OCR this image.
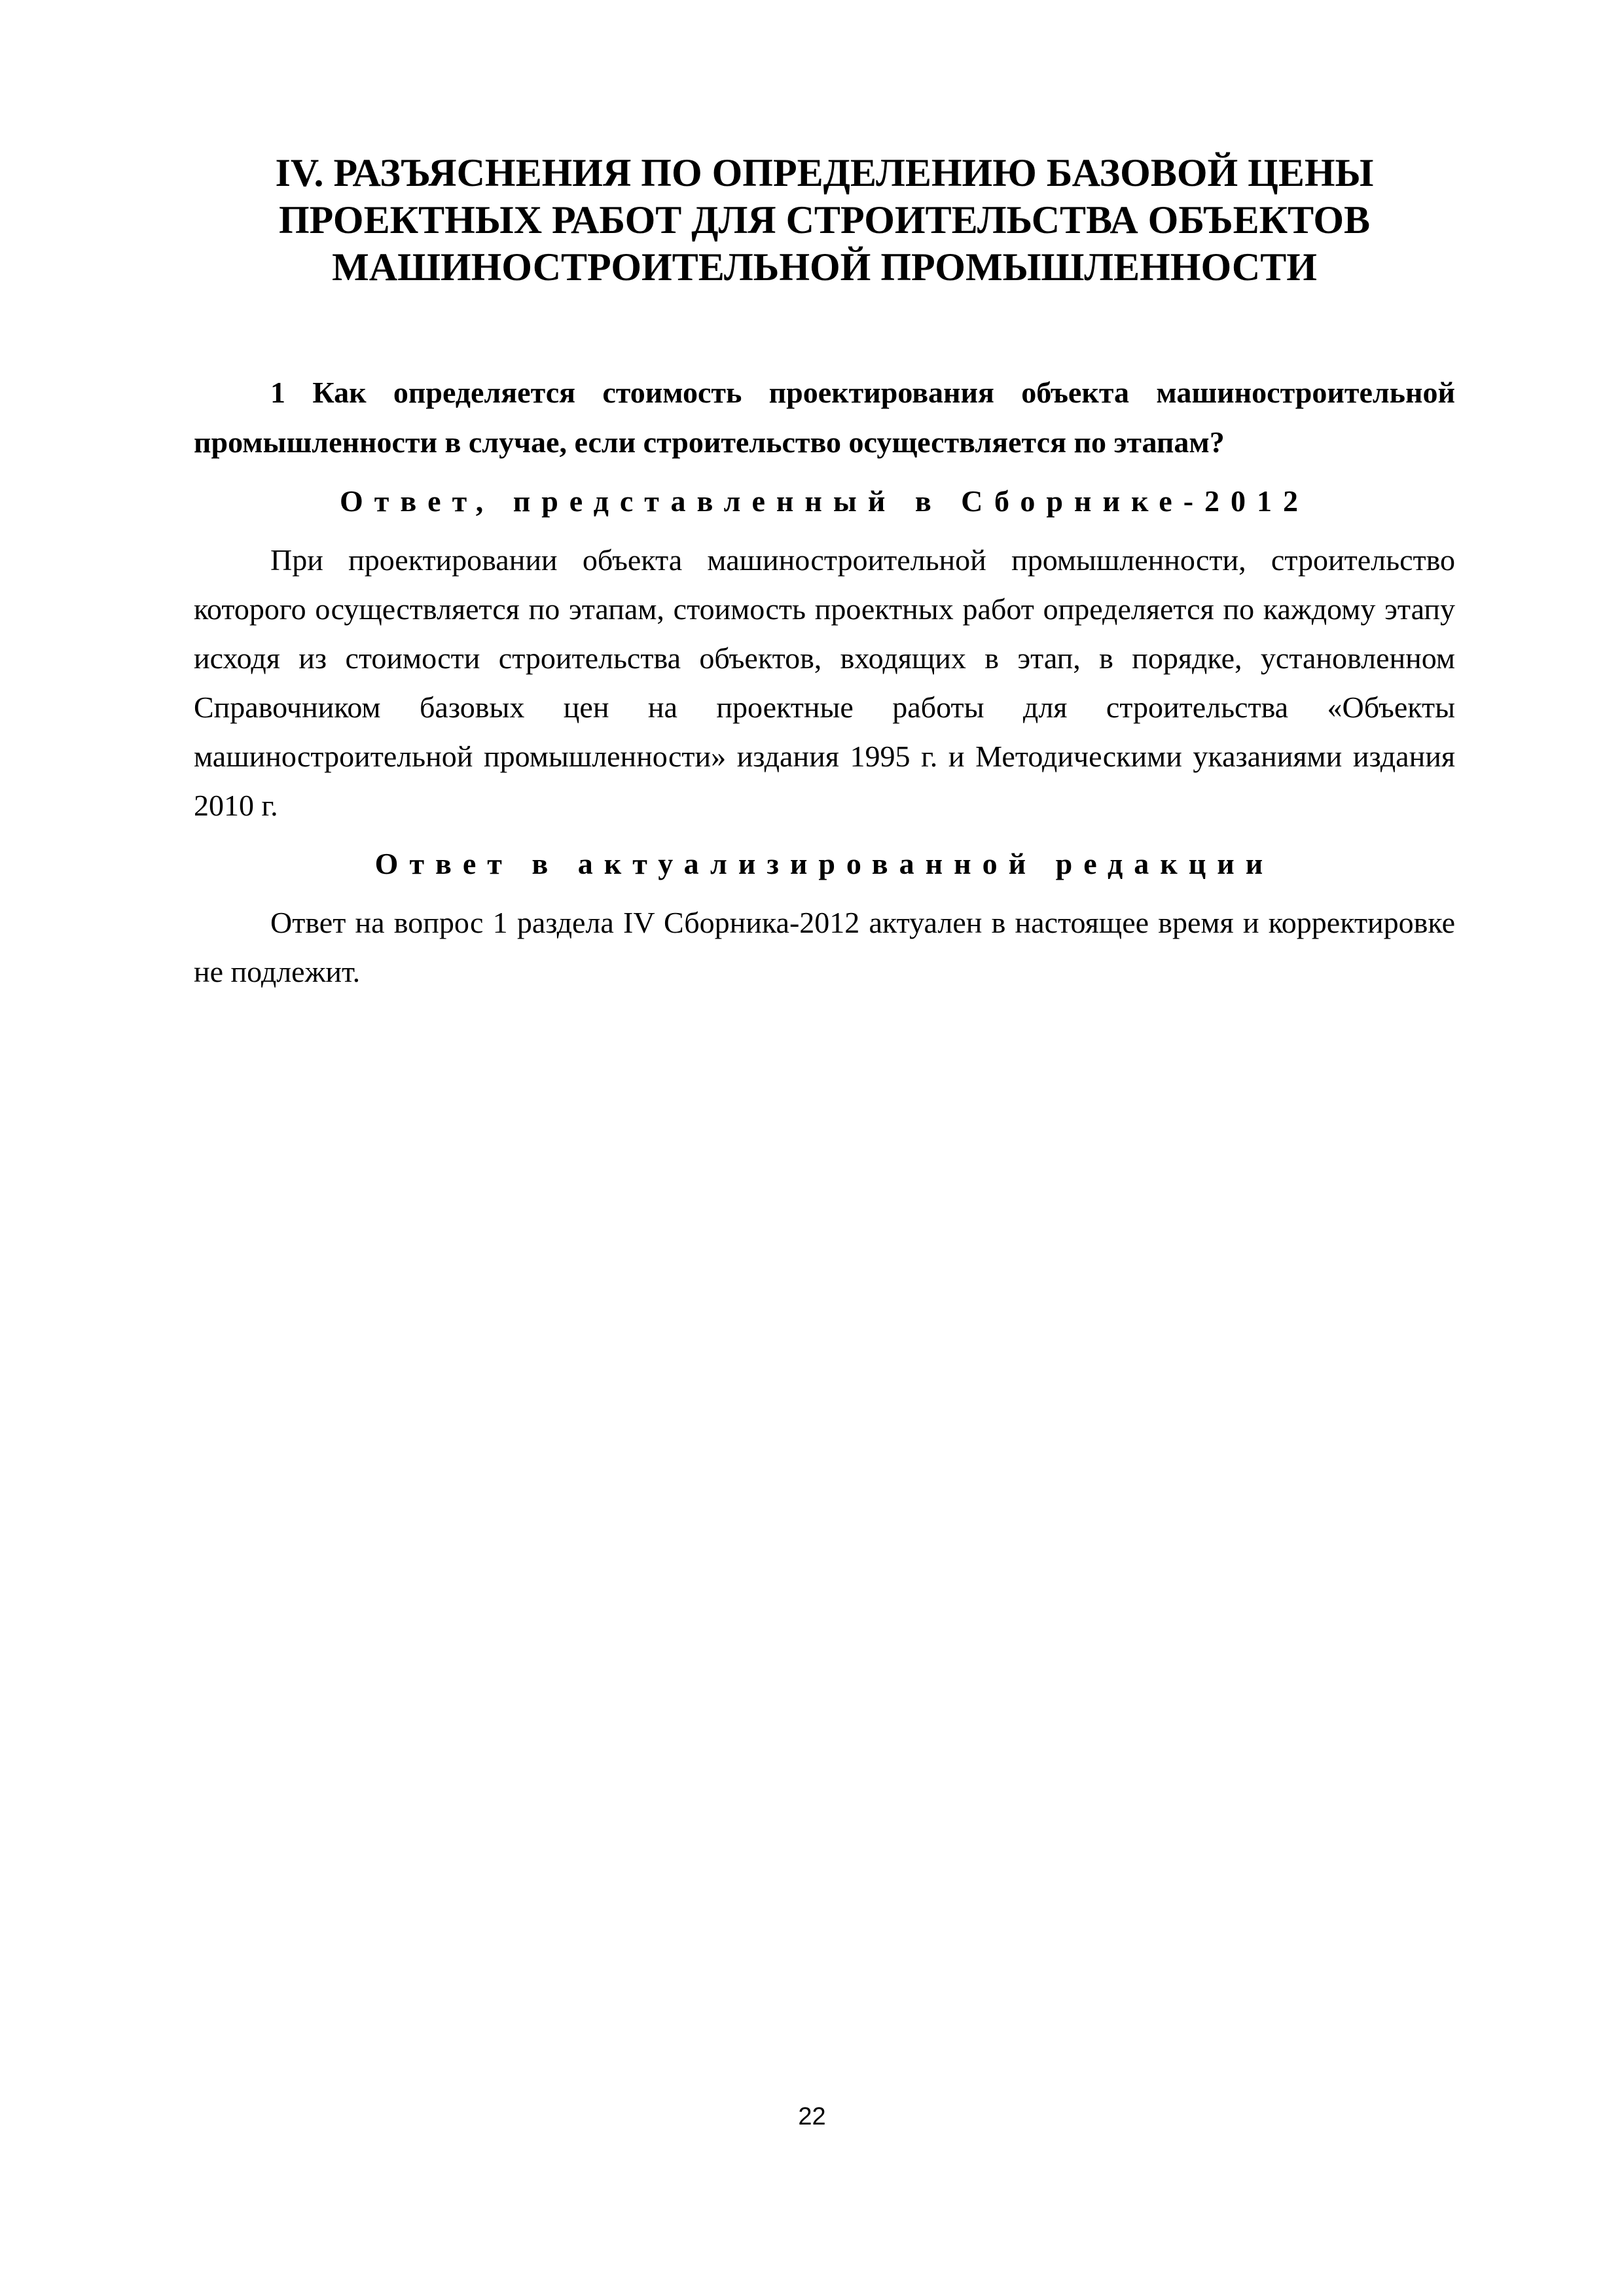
IV. РАЗЪЯСНЕНИЯ ПО ОПРЕДЕЛЕНИЮ БАЗОВОЙ ЦЕНЫ
ПРОЕКТНЫХ РАБОТ ДЛЯ СТРОИТЕЛЬСТВА ОБЪЕКТОВ
МАШИНОСТРОИТЕЛЬНОЙ ПРОМЫШЛЕННОСТИ

1 Как определяется стоимость проектирования объекта машиностроительной промышленности в случае, если строительство осуществляется по этапам?

Ответ, представленный в Сборнике-2012

При проектировании объекта машиностроительной промышленности, строительство которого осуществляется по этапам, стоимость проектных работ определяется по каждому этапу исходя из стоимости строительства объектов, входящих в этап, в порядке, установленном Справочником базовых цен на проектные работы для строительства «Объекты машиностроительной промышленности» издания 1995 г. и Методическими указаниями издания 2010 г.

Ответ в актуализированной редакции

Ответ на вопрос 1 раздела IV Сборника-2012 актуален в настоящее время и корректировке не подлежит.

22
